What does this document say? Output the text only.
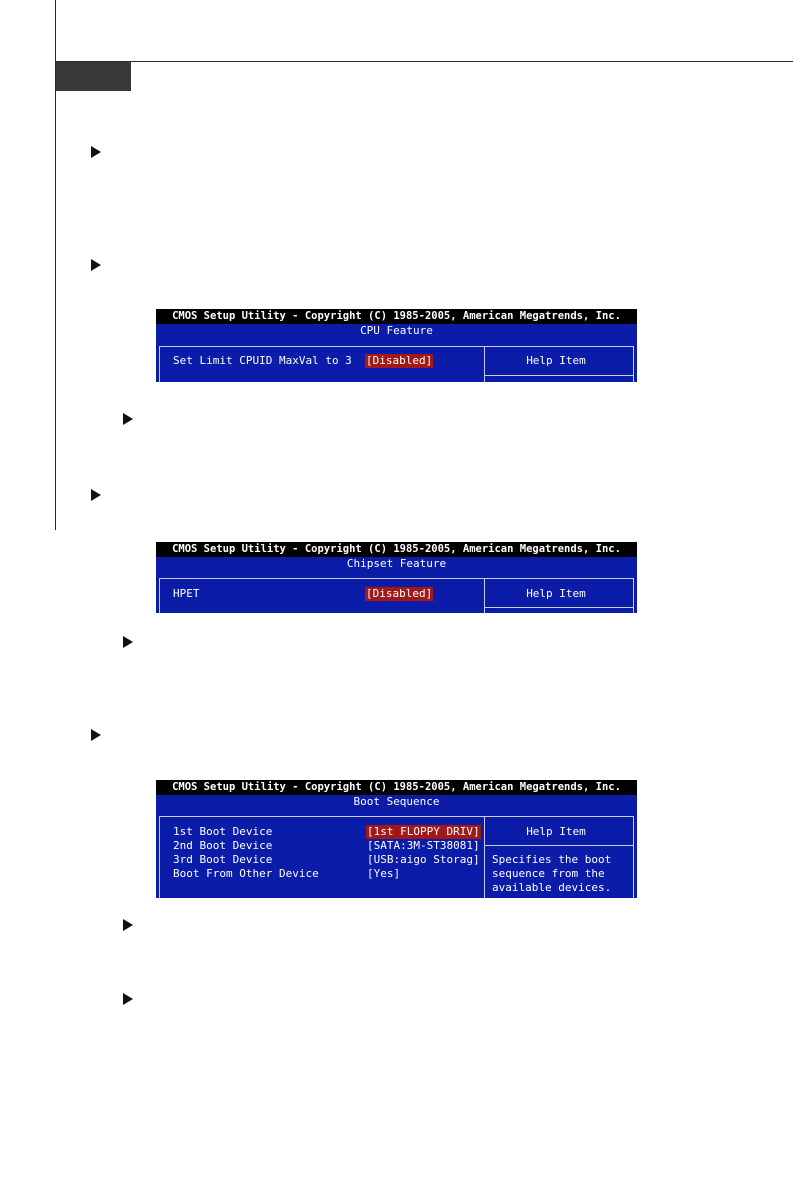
CMOS Setup Utility - Copyright (C) 1985-2005, American Megatrends, Inc.
CPU Feature
Help Item
Set Limit CPUID MaxVal to 3 [Disabled]
CMOS Setup Utility - Copyright (C) 1985-2005, American Megatrends, Inc.
Chipset Feature
Help Item
HPET	[Disabled]
CMOS Setup Utility - Copyright (C) 1985-2005, American Megatrends, Inc.
Boot Sequence
Help Item
Specifies the boot
sequence from the
available devices.
1st Boot Device	[1st FLOPPY DRIV]
2nd Boot Device	[SATA:3M-ST38081]
3rd Boot Device	[USB:aigo Storag]
Boot From Other Device	[Yes]
